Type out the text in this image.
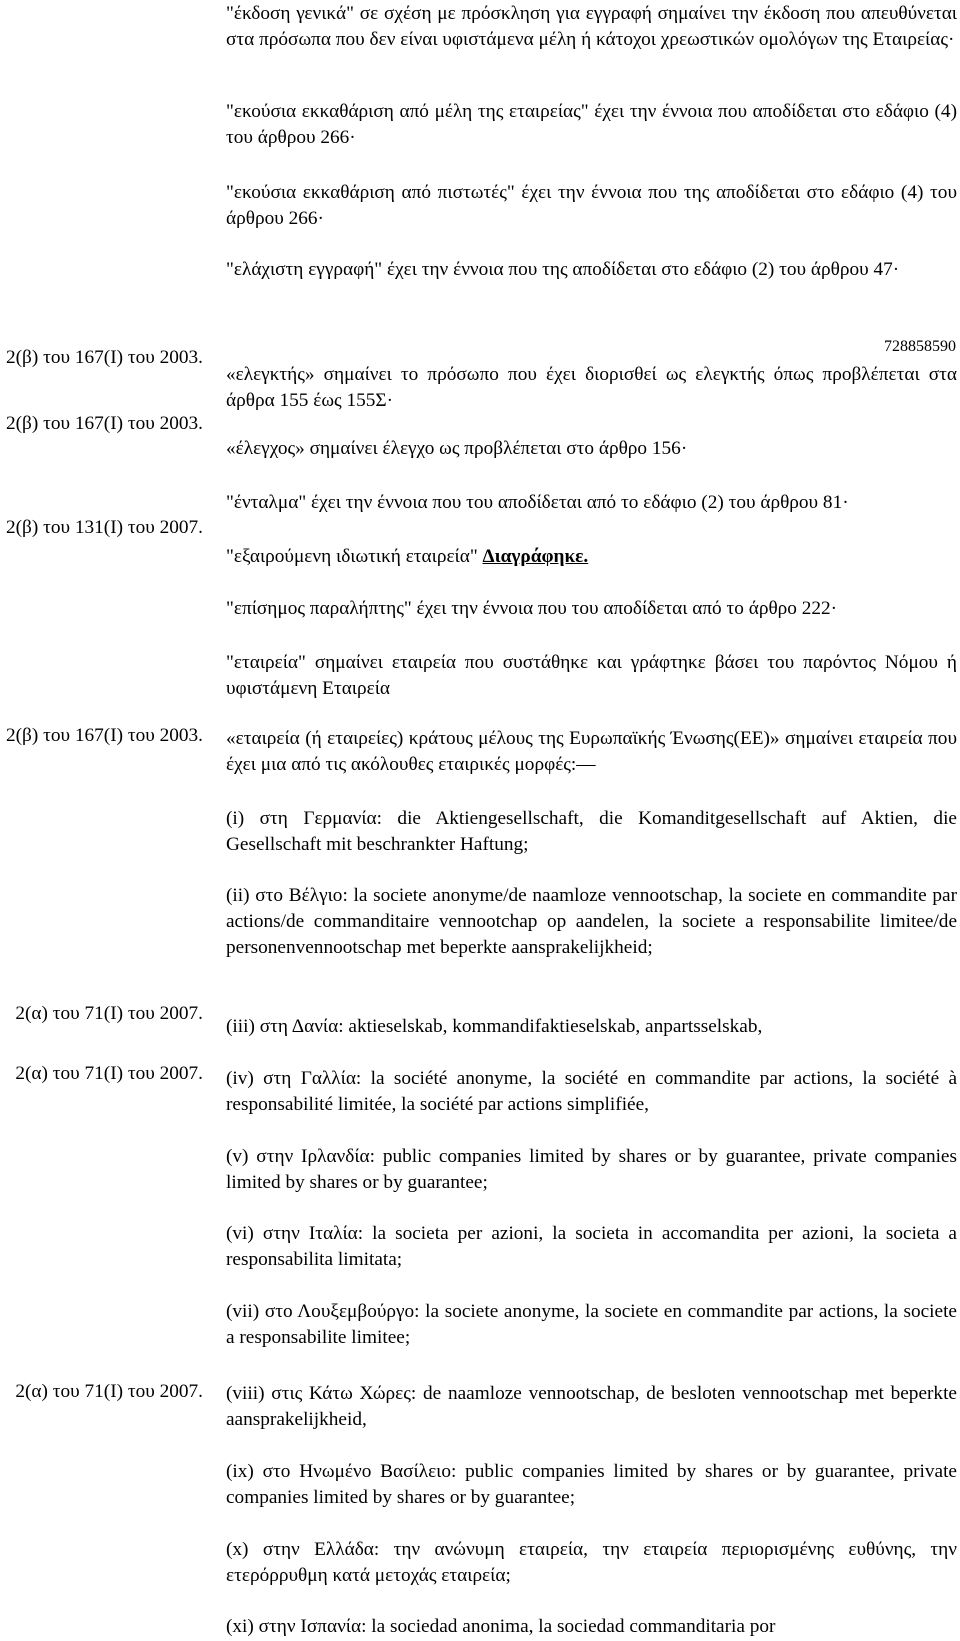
728858590

2(β) του 167(Ι) του 2003.

2(β) του 167(Ι) του 2003.

2(β) του 131(Ι) του 2007.

2(β) του 167(Ι) του 2003.

2(α) του 71(Ι) του 2007.

2(α) του 71(Ι) του 2007.

2(α) του 71(Ι) του 2007.

"έκδοση γενικά" σε σχέση με πρόσκληση για εγγραφή σημαίνει την έκδοση που απευθύνεται στα πρόσωπα που δεν είναι υφιστάμενα μέλη ή κάτοχοι χρεωστικών ομολόγων της Εταιρείας·

"εκούσια εκκαθάριση από μέλη της εταιρείας" έχει την έννοια που αποδίδεται στο εδάφιο (4) του άρθρου 266·

"εκούσια εκκαθάριση από πιστωτές" έχει την έννοια που της αποδίδεται στο εδάφιο (4) του άρθρου 266·

"ελάχιστη εγγραφή" έχει την έννοια που της αποδίδεται στο εδάφιο (2) του άρθρου 47·

«ελεγκτής» σημαίνει το πρόσωπο που έχει διορισθεί ως ελεγκτής όπως προβλέπεται στα άρθρα 155 έως 155Σ·

«έλεγχος» σημαίνει έλεγχο ως προβλέπεται στο άρθρο 156·

"ένταλμα" έχει την έννοια που του αποδίδεται από το εδάφιο (2) του άρθρου 81·

"εξαιρούμενη ιδιωτική εταιρεία" Διαγράφηκε.

"επίσημος παραλήπτης" έχει την έννοια που του αποδίδεται από το άρθρο 222·

"εταιρεία" σημαίνει εταιρεία που συστάθηκε και γράφτηκε βάσει του παρόντος Νόμου ή υφιστάμενη Εταιρεία

«εταιρεία (ή εταιρείες) κράτους μέλους της Ευρωπαϊκής Ένωσης(ΕΕ)» σημαίνει εταιρεία που έχει μια από τις ακόλουθες εταιρικές μορφές:—

(i) στη Γερμανία: die Aktiengesellschaft, die Komanditgesellschaft auf Aktien, die Gesellschaft mit beschrankter Haftung;

(ii) στο Βέλγιο: la societe anonyme/de naamloze vennootschap, la societe en commandite par actions/de commanditaire vennootchap op aandelen, la societe a responsabilite limitee/de personenvennootschap met beperkte aansprakelijkheid;

(iii) στη Δανία: aktieselskab, kommandifaktieselskab, anpartsselskab,

(iv) στη Γαλλία: la société anonyme, la société en commandite par actions, la société à responsabilité limitée, la société par actions simplifiée,

(v) στην Ιρλανδία: public companies limited by shares or by guarantee, private companies limited by shares or by guarantee;

(vi) στην Ιταλία: la societa per azioni, la societa in accomandita per azioni, la societa a responsabilita limitata;

(vii) στο Λουξεμβούργο: la societe anonyme, la societe en commandite par actions, la societe a responsabilite limitee;

(viii) στις Κάτω Χώρες: de naamloze vennootschap, de besloten vennootschap met beperkte aansprakelijkheid,

(ix) στο Ηνωμένο Βασίλειο: public companies limited by shares or by guarantee, private companies limited by shares or by guarantee;

(x) στην Ελλάδα: την ανώνυμη εταιρεία, την εταιρεία περιορισμένης ευθύνης, την ετερόρρυθμη κατά μετοχάς εταιρεία;

(xi) στην Ισπανία: la sociedad anonima, la sociedad commanditaria por
